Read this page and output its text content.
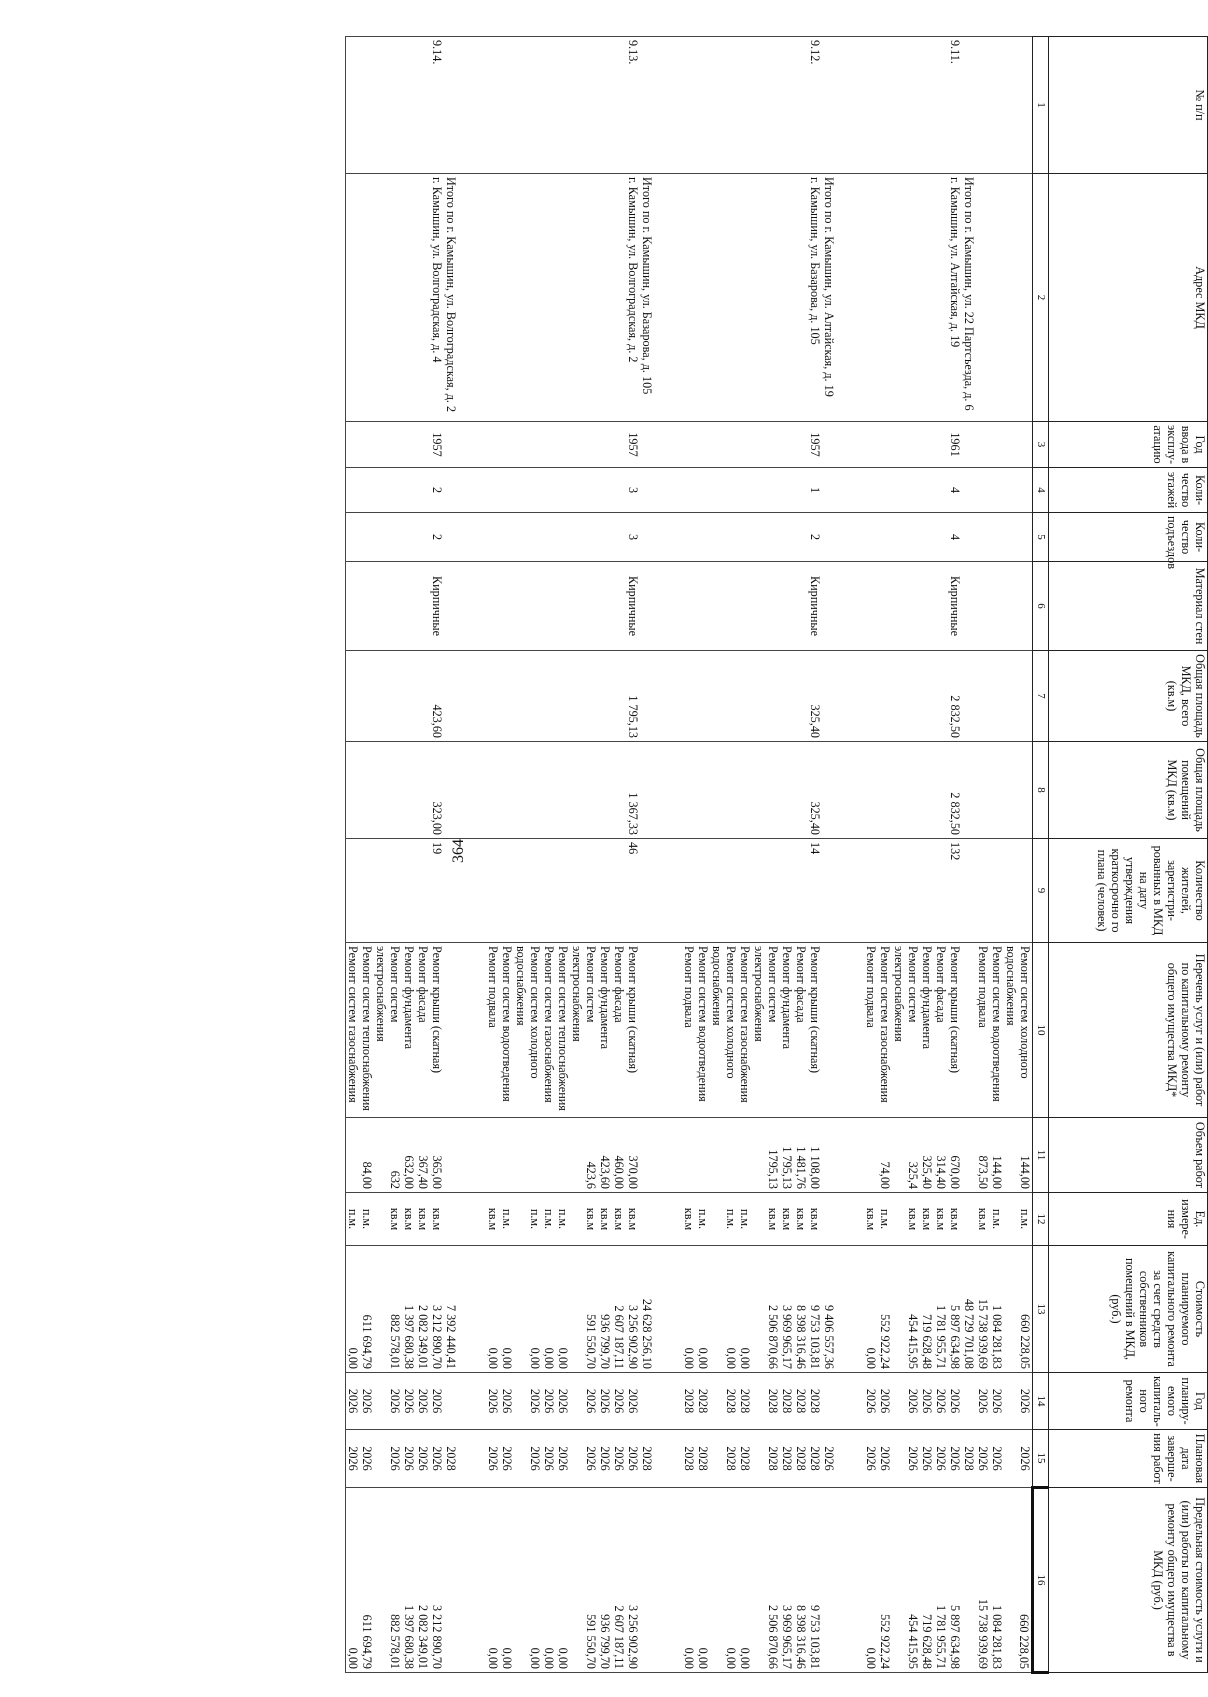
364
№ п/п	Адрес МКД	Год ввода в эксплу-атацию	Коли-чество этажей	Коли-чество подъездов	Материал стен	Общая площадь МКД, всего (кв.м)	Общая площадь помещений МКД (кв.м)	Количество жителей, зарегистри-рованных в МКД на дату утверждения краткосрочно го плана (человек)	Перечень услуг и (или) работ по капитальному ремонту общего имущества МКД*	Объем работ	Ед. измере-ния	Стоимость планируемого капитального ремонта за счет средств собственников помещений в МКД, (руб.)	Год планиру-емого капиталь-ного ремонта	Плановая дата заверше-ния работ	Предельная стоимость услуги и (или) работы по капитальному ремонту общего имущества в МКД (руб.)
1	2	3	4	5	6	7	8	9	10	11	12	13	14	15	16
									Ремонт систем холодного водоснабжения	144,00	п.м.	660 228,05	2026	2026	660 228,05
									Ремонт систем водоотведения	144,00	п.м.	1 084 281,83	2026	2026	1 084 281,83
									Ремонт подвала	873,50	кв.м	15 738 939,69	2026	2026	15 738 939,69
	Итого по г. Камышин, ул. 22 Партсъезда, д. 6											48 729 701,08		2028	
9.11.	г. Камышин, ул. Алтайская, д. 19	1961	4	4	Кирпичные	2 832,50	2 832,50	132	Ремонт крыши (скатная)	670,00	кв.м	5 897 634,98	2026	2026	5 897 634,98
									Ремонт фасада	314,40	кв.м	1 781 955,71	2026	2026	1 781 955,71
									Ремонт фундамента	325,40	кв.м	719 628,48	2026	2026	719 628,48
									Ремонт систем электроснабжения	325,4	кв.м	454 415,95	2026	2026	454 415,95
									Ремонт систем газоснабжения	74,00	п.м.	552 922,24	2026	2026	552 922,24
									Ремонт подвала		кв.м	0,00	2026	2026	0,00

	Итого по г. Камышин, ул. Алтайская, д. 19											9 406 557,36		2026	
9.12.	г. Камышин, ул. Базарова, д. 105	1957	1	2	Кирпичные	325,40	325,40	14	Ремонт крыши (скатная)	1 108,00	кв.м	9 753 103,81	2028	2028	9 753 103,81
									Ремонт фасада	1 481,76	кв.м	8 398 316,46	2028	2028	8 398 316,46
									Ремонт фундамента	1 795,13	кв.м	3 969 965,17	2028	2028	3 969 965,17
									Ремонт систем электроснабжения	1795,13	кв.м	2 506 870,66	2028	2028	2 506 870,66
									Ремонт систем газоснабжения		п.м.	0,00	2028	2028	0,00
									Ремонт систем холодного водоснабжения		п.м.	0,00	2028	2028	0,00
									Ремонт систем водоотведения		п.м.	0,00	2028	2028	0,00
									Ремонт подвала		кв.м	0,00	2028	2028	0,00

	Итого по г. Камышин, ул. Базарова, д. 105											24 628 256,10		2028	
9.13.	г. Камышин, ул. Волгоградская, д. 2	1957	3	3	Кирпичные	1 795,13	1 367,33	46	Ремонт крыши (скатная)	370,00	кв.м	3 256 902,90	2026	2026	3 256 902,90
									Ремонт фасада	460,00	кв.м	2 607 187,11	2026	2026	2 607 187,11
									Ремонт фундамента	423,60	кв.м	936 799,70	2026	2026	936 799,70
									Ремонт систем электроснабжения	423,6	кв.м	591 550,70	2026	2026	591 550,70
									Ремонт систем теплоснабжения		п.м.	0,00	2026	2026	0,00
									Ремонт систем газоснабжения		п.м.	0,00	2026	2026	0,00
									Ремонт систем холодного водоснабжения		п.м.	0,00	2026	2026	0,00
									Ремонт систем водоотведения		п.м.	0,00	2026	2026	0,00
									Ремонт подвала		кв.м	0,00	2026	2026	0,00

	Итого по г. Камышин, ул. Волгоградская, д. 2											7 392 440,41		2028	
9.14.	г. Камышин, ул. Волгоградская, д. 4	1957	2	2	Кирпичные	423,60	323,00	19	Ремонт крыши (скатная)	365,00	кв.м	3 212 890,70	2026	2026	3 212 890,70
									Ремонт фасада	367,40	кв.м	2 082 349,01	2026	2026	2 082 349,01
									Ремонт фундамента	632,00	кв.м	1 397 680,38	2026	2026	1 397 680,38
									Ремонт систем электроснабжения	632	кв.м	882 578,01	2026	2026	882 578,01
									Ремонт систем теплоснабжения	84,00	п.м.	611 694,79	2026	2026	611 694,79
									Ремонт систем газоснабжения		п.м.	0,00	2026	2026	0,00
